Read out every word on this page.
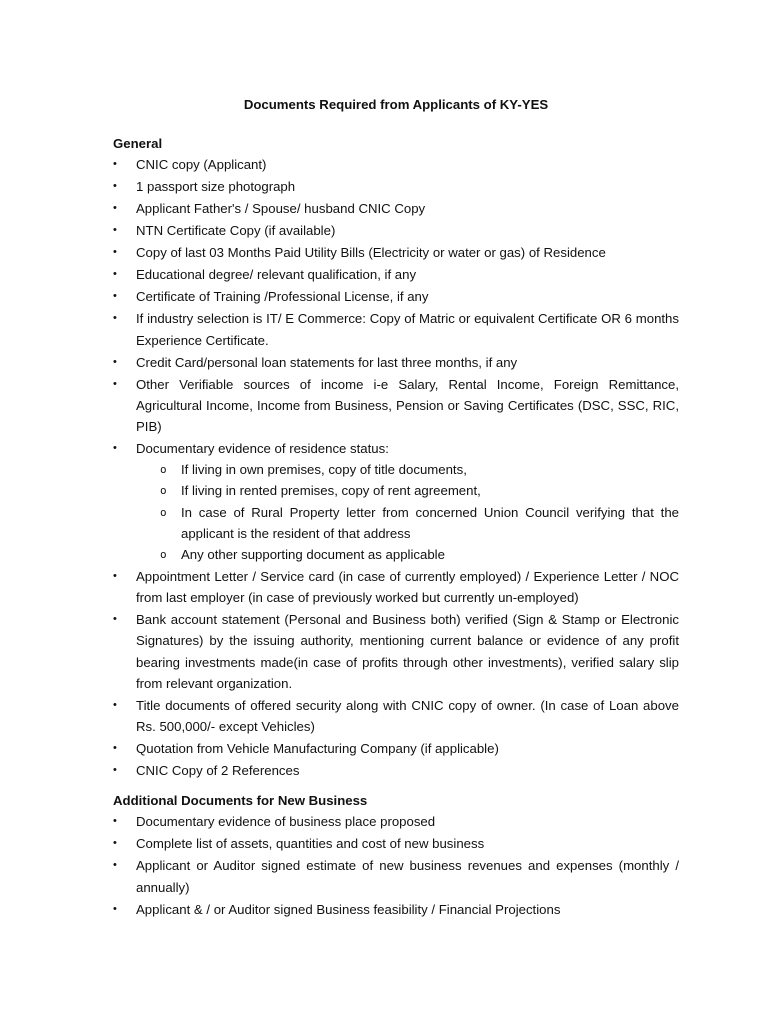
Documents Required from Applicants of KY-YES
General
• CNIC copy (Applicant)
• 1 passport size photograph
• Applicant Father's / Spouse/ husband CNIC Copy
• NTN Certificate Copy (if available)
• Copy of last 03 Months Paid Utility Bills (Electricity or water or gas) of Residence
• Educational degree/ relevant qualification, if any
• Certificate of Training /Professional License, if any
• If industry selection is IT/ E Commerce: Copy of Matric or equivalent Certificate OR 6 months Experience Certificate.
• Credit Card/personal loan statements for last three months, if any
• Other Verifiable sources of income i-e Salary, Rental Income, Foreign Remittance, Agricultural Income, Income from Business, Pension or Saving Certificates (DSC, SSC, RIC, PIB)
• Documentary evidence of residence status:
o If living in own premises, copy of title documents,
o If living in rented premises, copy of rent agreement,
o In case of Rural Property letter from concerned Union Council verifying that the applicant is the resident of that address
o Any other supporting document as applicable
• Appointment Letter / Service card (in case of currently employed) / Experience Letter / NOC from last employer (in case of previously worked but currently un-employed)
• Bank account statement (Personal and Business both) verified (Sign & Stamp or Electronic Signatures) by the issuing authority, mentioning current balance or evidence of any profit bearing investments made(in case of profits through other investments), verified salary slip from relevant organization.
• Title documents of offered security along with CNIC copy of owner. (In case of Loan above Rs. 500,000/- except Vehicles)
• Quotation from Vehicle Manufacturing Company (if applicable)
• CNIC Copy of 2 References
Additional Documents for New Business
• Documentary evidence of business place proposed
• Complete list of assets, quantities and cost of new business
• Applicant or Auditor signed estimate of new business revenues and expenses (monthly / annually)
• Applicant & / or Auditor signed Business feasibility / Financial Projections
